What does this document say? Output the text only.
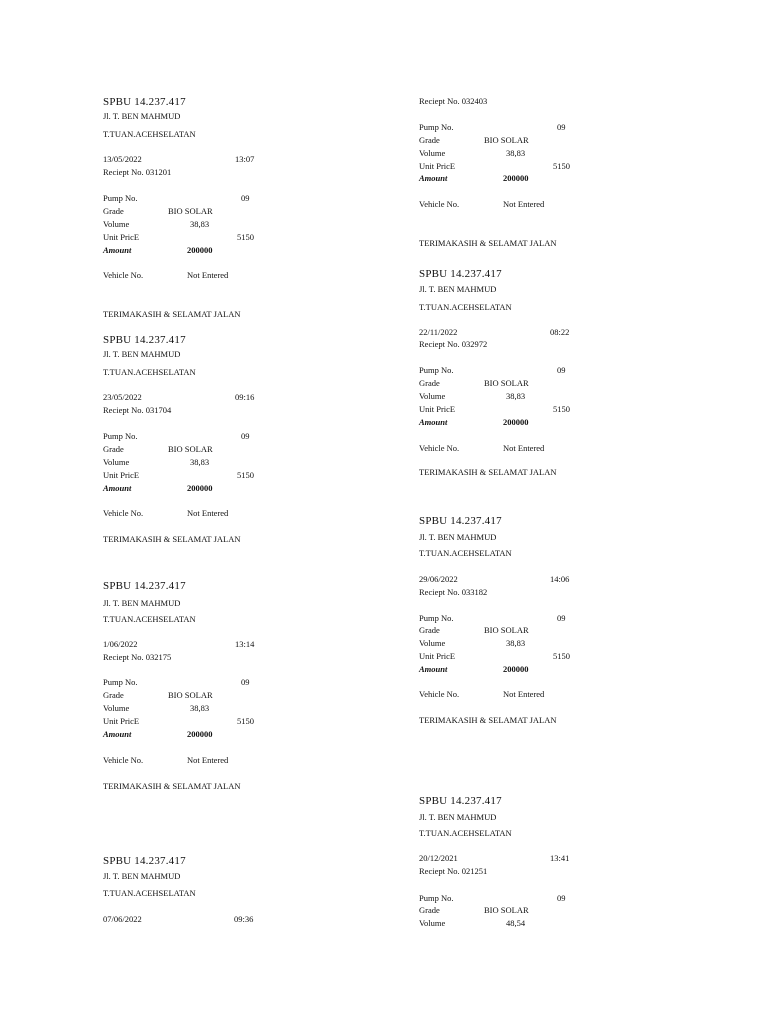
SPBU 14.237.417
Jl. T. BEN MAHMUD
T.TUAN.ACEHSELATAN
13/05/2022	13:07
Reciept No. 031201
Pump No.	09
Grade	BIO SOLAR
Volume	38,83
Unit PricE	5150
Amount	200000
Vehicle No.	Not Entered
TERIMAKASIH & SELAMAT JALAN
SPBU 14.237.417
Jl. T. BEN MAHMUD
T.TUAN.ACEHSELATAN
23/05/2022	09:16
Reciept No. 031704
Pump No.	09
Grade	BIO SOLAR
Volume	38,83
Unit PricE	5150
Amount	200000
Vehicle No.	Not Entered
TERIMAKASIH & SELAMAT JALAN
SPBU 14.237.417
Jl. T. BEN MAHMUD
T.TUAN.ACEHSELATAN
1/06/2022	13:14
Reciept No. 032175
Pump No.	09
Grade	BIO SOLAR
Volume	38,83
Unit PricE	5150
Amount	200000
Vehicle No.	Not Entered
TERIMAKASIH & SELAMAT JALAN
SPBU 14.237.417
Jl. T. BEN MAHMUD
T.TUAN.ACEHSELATAN
07/06/2022	09:36
Reciept No. 032403
Pump No.	09
Grade	BIO SOLAR
Volume	38,83
Unit PricE	5150
Amount	200000
Vehicle No.	Not Entered
TERIMAKASIH & SELAMAT JALAN
SPBU 14.237.417
Jl. T. BEN MAHMUD
T.TUAN.ACEHSELATAN
22/11/2022	08:22
Reciept No. 032972
Pump No.	09
Grade	BIO SOLAR
Volume	38,83
Unit PricE	5150
Amount	200000
Vehicle No.	Not Entered
TERIMAKASIH & SELAMAT JALAN
SPBU 14.237.417
Jl. T. BEN MAHMUD
T.TUAN.ACEHSELATAN
29/06/2022	14:06
Reciept No. 033182
Pump No.	09
Grade	BIO SOLAR
Volume	38,83
Unit PricE	5150
Amount	200000
Vehicle No.	Not Entered
TERIMAKASIH & SELAMAT JALAN
SPBU 14.237.417
Jl. T. BEN MAHMUD
T.TUAN.ACEHSELATAN
20/12/2021	13:41
Reciept No. 021251
Pump No.	09
Grade	BIO SOLAR
Volume	48,54
